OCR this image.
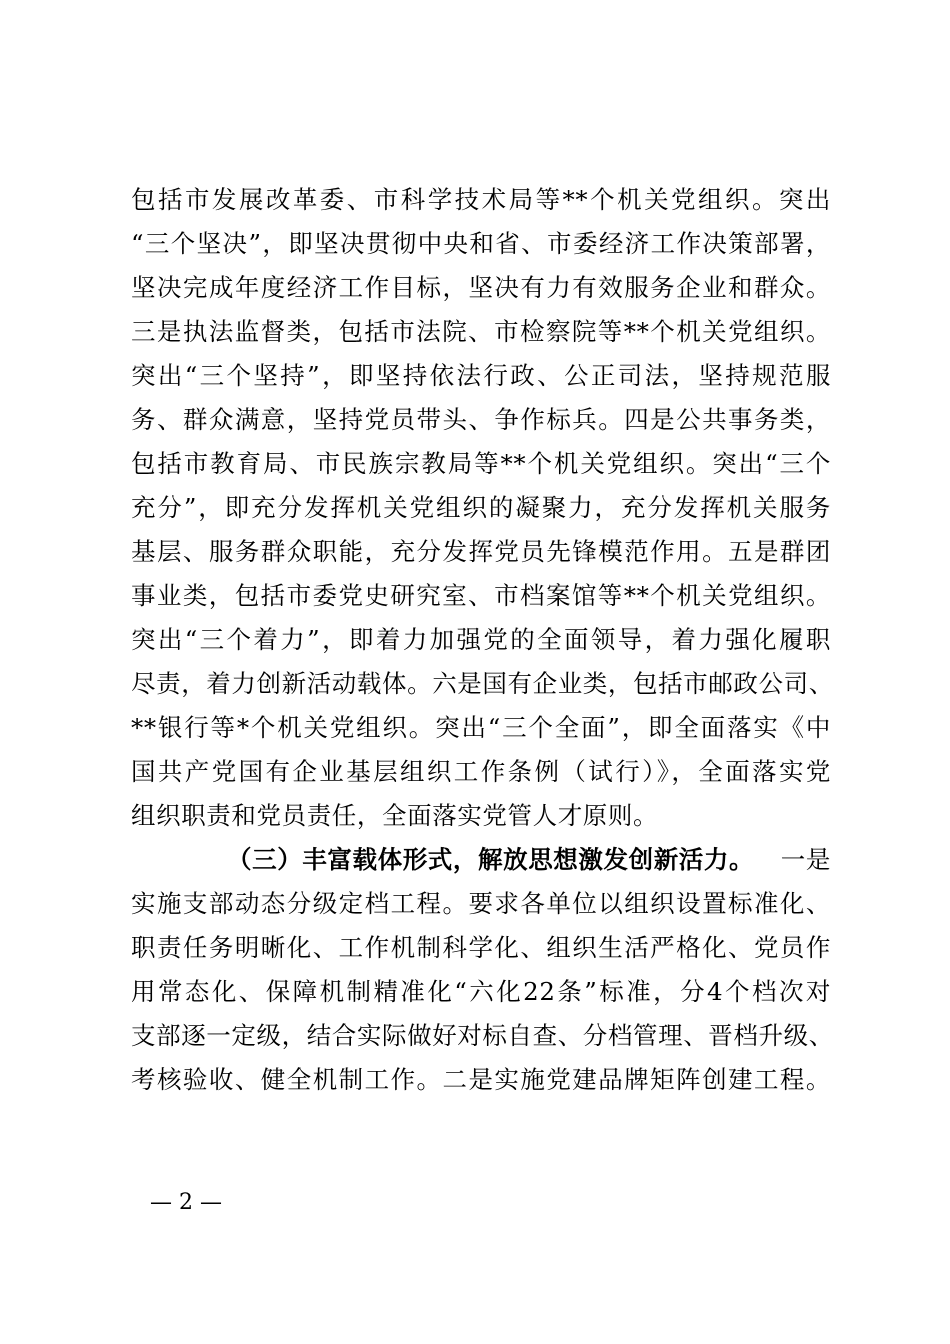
包括市发展改革委、市科学技术局等**个机关党组织。突出
“三个坚决”，即坚决贯彻中央和省、市委经济工作决策部署，
坚决完成年度经济工作目标，坚决有力有效服务企业和群众。
三是执法监督类，包括市法院、市检察院等**个机关党组织。
突出“三个坚持”，即坚持依法行政、公正司法，坚持规范服
务、群众满意，坚持党员带头、争作标兵。四是公共事务类，
包括市教育局、市民族宗教局等**个机关党组织。突出“三个
充分”，即充分发挥机关党组织的凝聚力，充分发挥机关服务
基层、服务群众职能，充分发挥党员先锋模范作用。五是群团
事业类，包括市委党史研究室、市档案馆等**个机关党组织。
突出“三个着力”，即着力加强党的全面领导，着力强化履职
尽责，着力创新活动载体。六是国有企业类，包括市邮政公司、
**银行等*个机关党组织。突出“三个全面”，即全面落实《中
国共产党国有企业基层组织工作条例（试行）》，全面落实党
组织职责和党员责任，全面落实党管人才原则。
（三）丰富载体形式，解放思想激发创新活力。 一是
实施支部动态分级定档工程。要求各单位以组织设置标准化、
职责任务明晰化、工作机制科学化、组织生活严格化、党员作
用常态化、保障机制精准化“六化22条”标准，分4个档次对
支部逐一定级，结合实际做好对标自查、分档管理、晋档升级、
考核验收、健全机制工作。二是实施党建品牌矩阵创建工程。
— 2 —
